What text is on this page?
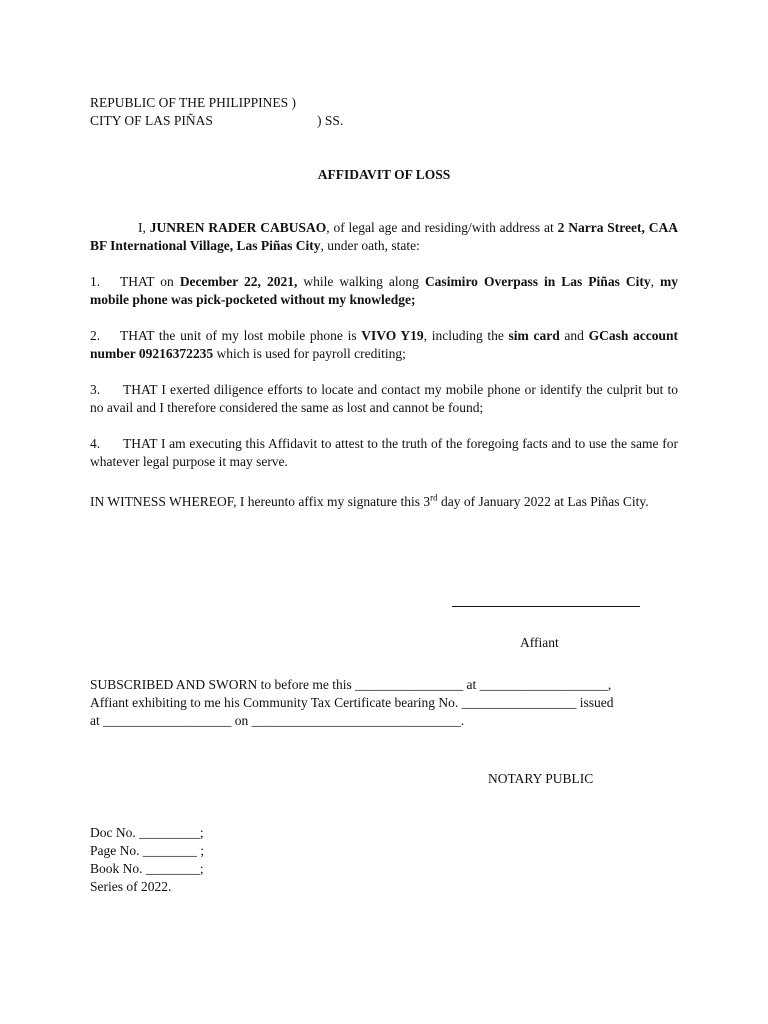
REPUBLIC OF THE PHILIPPINES )
CITY OF LAS PIÑAS	) SS.
AFFIDAVIT OF LOSS
I, JUNREN RADER CABUSAO, of legal age and residing/with address at 2 Narra Street, CAA BF International Village, Las Piñas City, under oath, state:
1. THAT on December 22, 2021, while walking along Casimiro Overpass in Las Piñas City, my mobile phone was pick-pocketed without my knowledge;
2. THAT the unit of my lost mobile phone is VIVO Y19, including the sim card and GCash account number 09216372235 which is used for payroll crediting;
3. THAT I exerted diligence efforts to locate and contact my mobile phone or identify the culprit but to no avail and I therefore considered the same as lost and cannot be found;
4. THAT I am executing this Affidavit to attest to the truth of the foregoing facts and to use the same for whatever legal purpose it may serve.
IN WITNESS WHEREOF, I hereunto affix my signature this 3rd day of January 2022 at Las Piñas City.
Affiant
SUBSCRIBED AND SWORN to before me this ________________ at ___________________,
Affiant exhibiting to me his Community Tax Certificate bearing No. _________________ issued
at ___________________ on _______________________________.
NOTARY PUBLIC
Doc No. _________;
Page No. ________ ;
Book No. ________;
Series of 2022.
